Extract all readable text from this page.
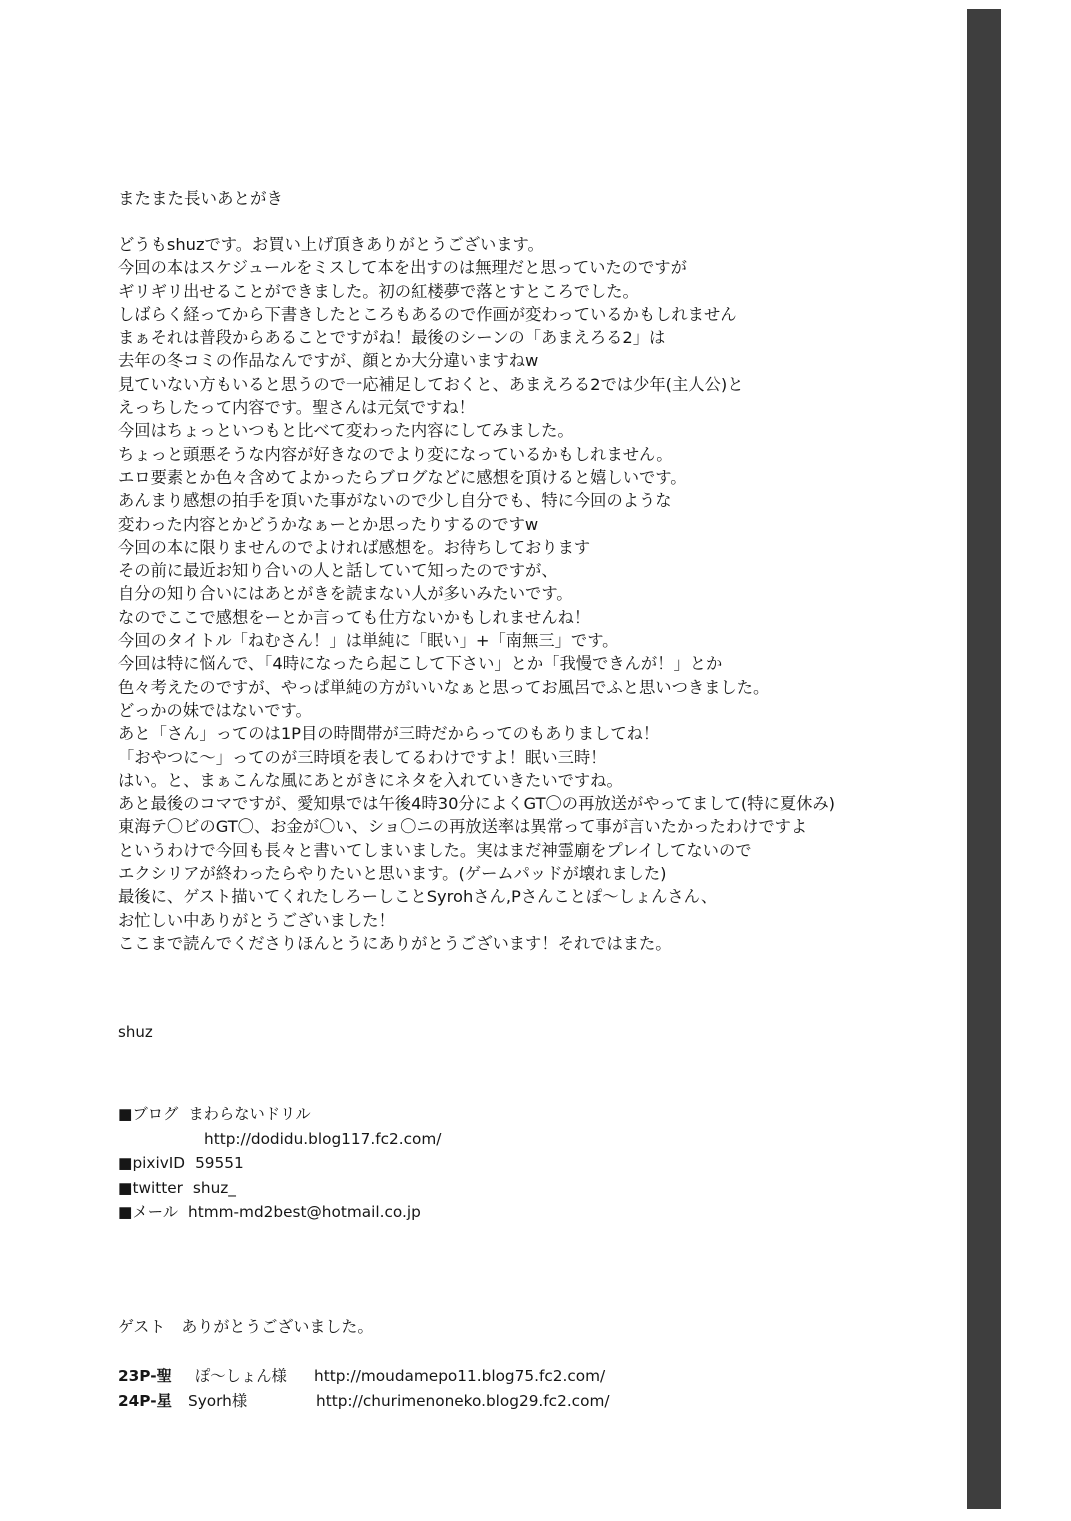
またまた長いあとがき
どうもshuzです。お買い上げ頂きありがとうございます。
今回の本はスケジュールをミスして本を出すのは無理だと思っていたのですが
ギリギリ出せることができました。初の紅楼夢で落とすところでした。
しばらく経ってから下書きしたところもあるので作画が変わっているかもしれません
まぁそれは普段からあることですがね！最後のシーンの「あまえろる2」は
去年の冬コミの作品なんですが、顔とか大分違いますねw
見ていない方もいると思うので一応補足しておくと、あまえろる2では少年(主人公)と
えっちしたって内容です。聖さんは元気ですね！
今回はちょっといつもと比べて変わった内容にしてみました。
ちょっと頭悪そうな内容が好きなのでより変になっているかもしれません。
エロ要素とか色々含めてよかったらブログなどに感想を頂けると嬉しいです。
あんまり感想の拍手を頂いた事がないので少し自分でも、特に今回のような
変わった内容とかどうかなぁーとか思ったりするのですw
今回の本に限りませんのでよければ感想を。お待ちしております
その前に最近お知り合いの人と話していて知ったのですが、
自分の知り合いにはあとがきを読まない人が多いみたいです。
なのでここで感想をーとか言っても仕方ないかもしれませんね！
今回のタイトル「ねむさん！」は単純に「眠い」+「南無三」です。
今回は特に悩んで、「4時になったら起こして下さい」とか「我慢できんが！」とか
色々考えたのですが、やっぱ単純の方がいいなぁと思ってお風呂でふと思いつきました。
どっかの妹ではないです。
あと「さん」ってのは1P目の時間帯が三時だからってのもありましてね！
「おやつに～」ってのが三時頃を表してるわけですよ！眠い三時！
はい。と、まぁこんな風にあとがきにネタを入れていきたいですね。
あと最後のコマですが、愛知県では午後4時30分によくGT〇の再放送がやってまして(特に夏休み)
東海テ〇ビのGT〇、お金が〇い、ショ〇ニの再放送率は異常って事が言いたかったわけですよ
というわけで今回も長々と書いてしまいました。実はまだ神霊廟をプレイしてないので
エクシリアが終わったらやりたいと思います。(ゲームパッドが壊れました)
最後に、ゲスト描いてくれたしろーしことSyrohさん,Pさんことぽ～しょんさん、
お忙しい中ありがとうございました！
ここまで読んでくださりほんとうにありがとうございます！それではまた。
shuz
■ブログ まわらないドリル
http://dodidu.blog117.fc2.com/
■pixivID 59551
■twitter shuz_
■メール htmm-md2best@hotmail.co.jp
ゲスト　ありがとうございました。
23P-聖 ぽ～しょん様 http://moudamepo11.blog75.fc2.com/
24P-星 Syorh様	http://churimenoneko.blog29.fc2.com/
